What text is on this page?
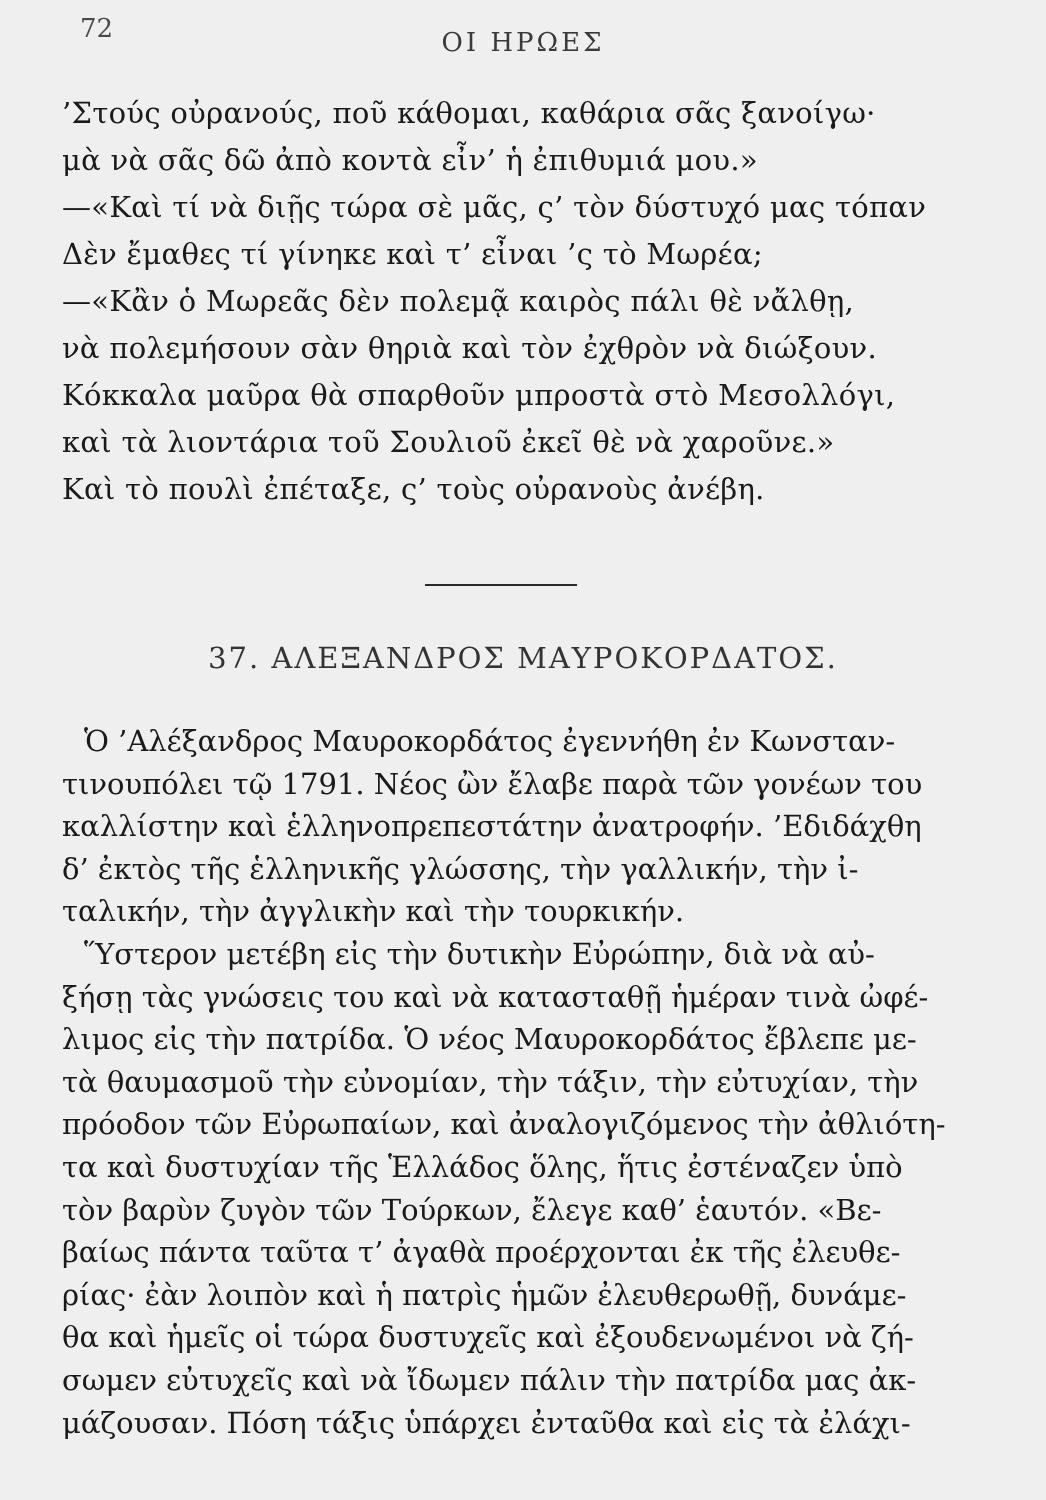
72	ΟΙ ΗΡΩΕΣ
’Στούς οὐρανούς, ποῦ κάθομαι, καθάρια σᾶς ξανοίγω·
μὰ νὰ σᾶς δῶ ἀπὸ κοντὰ εἶν’ ἡ ἐπιθυμιά μου.»
—«Καὶ τί νὰ διῇς τώρα σὲ μᾶς, ς’ τὸν δύστυχό μας τόπαν
Δὲν ἔμαθες τί γίνηκε καὶ τ’ εἶναι ’ς τὸ Μωρέα;
—«Κἂν ὁ Μωρεᾶς δὲν πολεμᾷ καιρὸς πάλι θὲ νἄλθῃ,
νὰ πολεμήσουν σὰν θηριὰ καὶ τὸν ἐχθρὸν νὰ διώξουν.
Κόκκαλα μαῦρα θὰ σπαρθοῦν μπροστὰ στὸ Μεσολλόγι,
καὶ τὰ λιοντάρια τοῦ Σουλιοῦ ἐκεῖ θὲ νὰ χαροῦνε.»
Καὶ τὸ πουλὶ ἐπέταξε, ς’ τοὺς οὐρανοὺς ἀνέβη.
37. ΑΛΕΞΑΝΔΡΟΣ ΜΑΥΡΟΚΟΡΔΑΤΟΣ.

Ὁ ’Αλέξανδρος Μαυροκορδάτος ἐγεννήθη ἐν Κωνσταν-
τινουπόλει τῷ 1791. Νέος ὢν ἔλαβε παρὰ τῶν γονέων του
καλλίστην καὶ ἑλληνοπρεπεστάτην ἀνατροφήν. ’Εδιδάχθη
δ’ ἐκτὸς τῆς ἑλληνικῆς γλώσσης, τὴν γαλλικήν, τὴν ἰ-
ταλικήν, τὴν ἀγγλικὴν καὶ τὴν τουρκικήν.

Ὕστερον μετέβη εἰς τὴν δυτικὴν Εὐρώπην, διὰ νὰ αὐ-
ξήσῃ τὰς γνώσεις του καὶ νὰ κατασταθῇ ἡμέραν τινὰ ὠφέ-
λιμος εἰς τὴν πατρίδα. Ὁ νέος Μαυροκορδάτος ἔβλεπε με-
τὰ θαυμασμοῦ τὴν εὐνομίαν, τὴν τάξιν, τὴν εὐτυχίαν, τὴν
πρόοδον τῶν Εὐρωπαίων, καὶ ἀναλογιζόμενος τὴν ἀθλιότη-
τα καὶ δυστυχίαν τῆς Ἑλλάδος ὅλης, ἥτις ἐστέναζεν ὑπὸ
τὸν βαρὺν ζυγὸν τῶν Τούρκων, ἔλεγε καθ’ ἑαυτόν. «Βε-
βαίως πάντα ταῦτα τ’ ἀγαθὰ προέρχονται ἐκ τῆς ἐλευθε-
ρίας· ἐὰν λοιπὸν καὶ ἡ πατρὶς ἡμῶν ἐλευθερωθῇ, δυνάμε-
θα καὶ ἡμεῖς οἱ τώρα δυστυχεῖς καὶ ἐξουδενωμένοι νὰ ζή-
σωμεν εὐτυχεῖς καὶ νὰ ἴδωμεν πάλιν τὴν πατρίδα μας ἀκ-
μάζουσαν. Πόση τάξις ὑπάρχει ἐνταῦθα καὶ εἰς τὰ ἐλάχι-
